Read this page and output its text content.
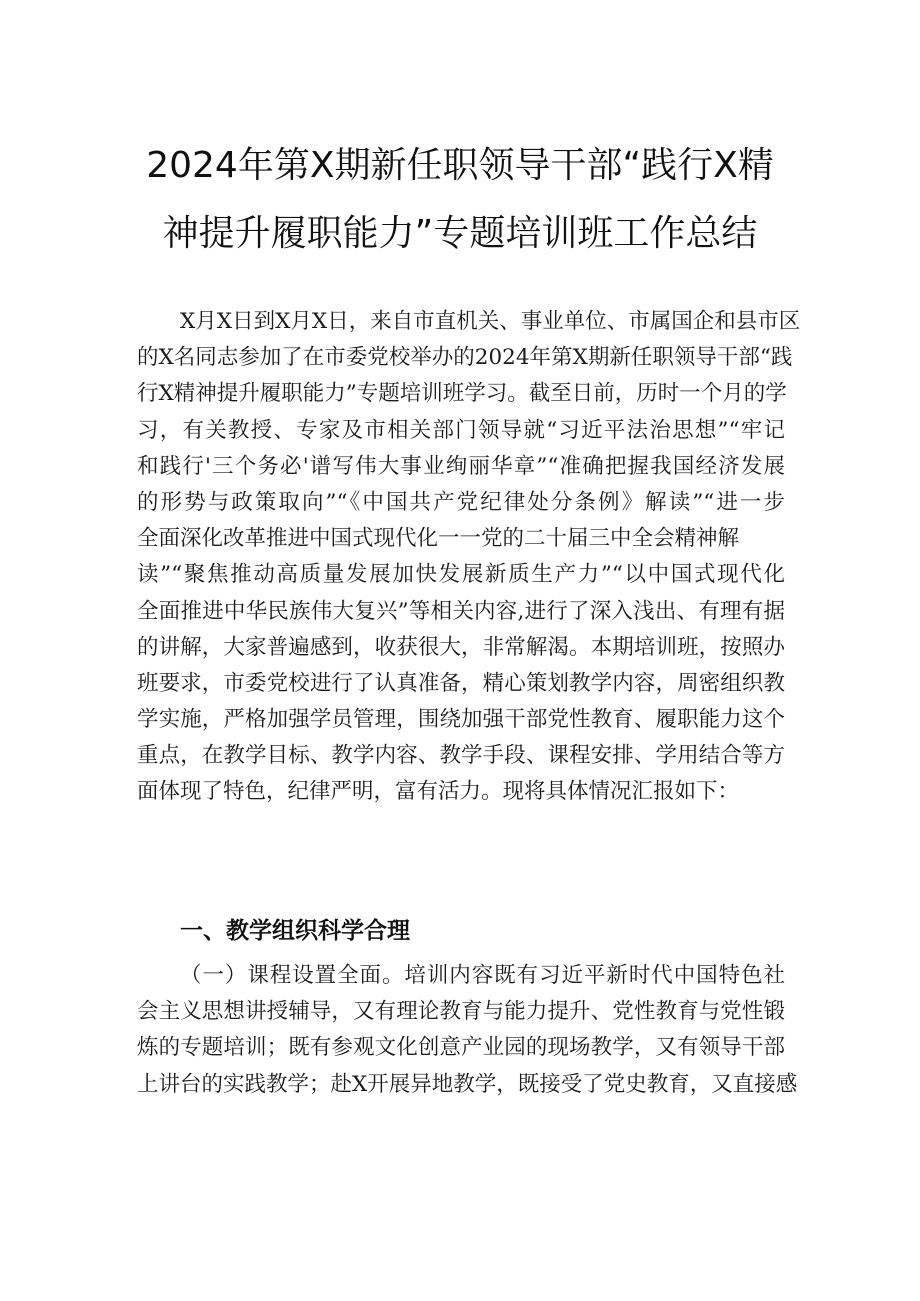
2024年第X期新任职领导干部“践行X精
神提升履职能力”专题培训班工作总结
X月X日到X月X日，来自市直机关、事业单位、市属国企和县市区
的X名同志参加了在市委党校举办的2024年第X期新任职领导干部“践
行X精神提升履职能力”专题培训班学习。截至日前，历时一个月的学
习，有关教授、专家及市相关部门领导就“习近平法治思想”“牢记
和践行'三个务必'谱写伟大事业绚丽华章”“准确把握我国经济发展
的形势与政策取向”“《中国共产党纪律处分条例》解读”“进一步
全面深化改革推进中国式现代化一一党的二十届三中全会精神解
读”“聚焦推动高质量发展加快发展新质生产力”“以中国式现代化
全面推进中华民族伟大复兴”等相关内容,进行了深入浅出、有理有据
的讲解，大家普遍感到，收获很大，非常解渴。本期培训班，按照办
班要求，市委党校进行了认真准备，精心策划教学内容，周密组织教
学实施，严格加强学员管理，围绕加强干部党性教育、履职能力这个
重点，在教学目标、教学内容、教学手段、课程安排、学用结合等方
面体现了特色，纪律严明，富有活力。现将具体情况汇报如下：
一、教学组织科学合理
（一）课程设置全面。培训内容既有习近平新时代中国特色社
会主义思想讲授辅导，又有理论教育与能力提升、党性教育与党性锻
炼的专题培训；既有参观文化创意产业园的现场教学，又有领导干部
上讲台的实践教学；赴X开展异地教学，既接受了党史教育，又直接感
